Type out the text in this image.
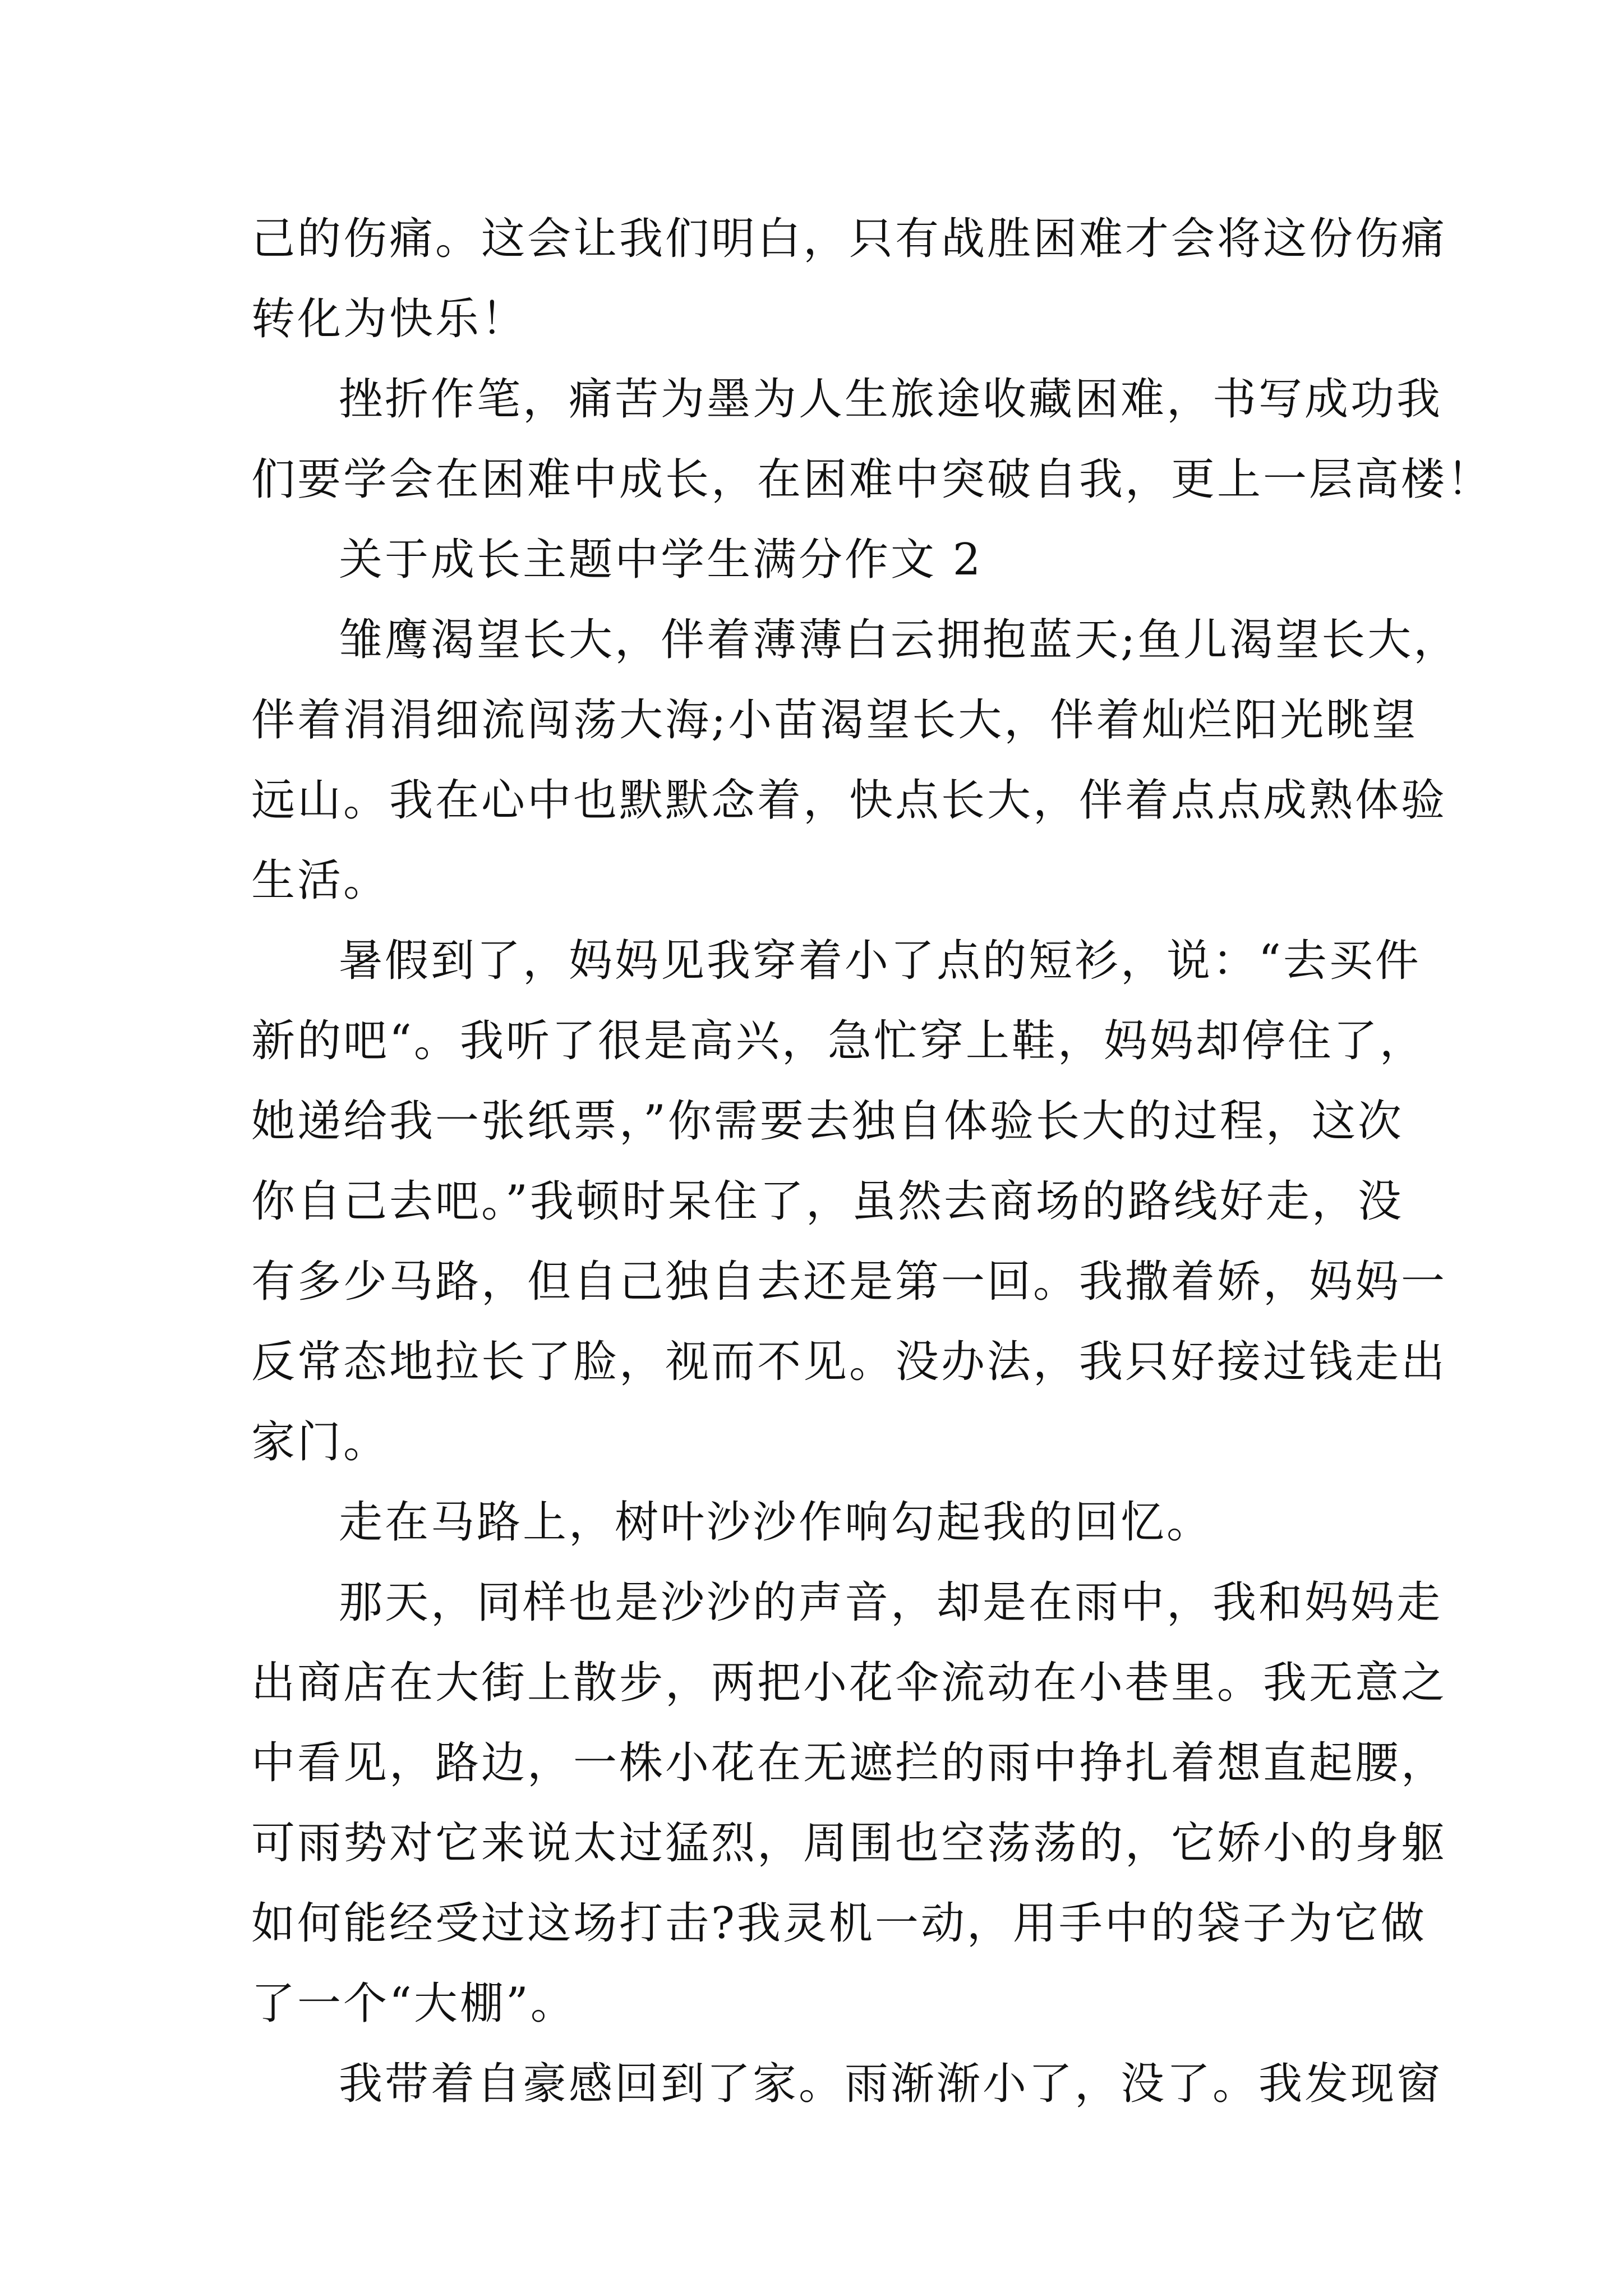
己的伤痛。这会让我们明白，只有战胜困难才会将这份伤痛
转化为快乐！
挫折作笔，痛苦为墨为人生旅途收藏困难，书写成功我
们要学会在困难中成长，在困难中突破自我，更上一层高楼！
关于成长主题中学生满分作文 2
雏鹰渴望长大，伴着薄薄白云拥抱蓝天;鱼儿渴望长大，
伴着涓涓细流闯荡大海;小苗渴望长大，伴着灿烂阳光眺望
远山。我在心中也默默念着，快点长大，伴着点点成熟体验
生活。
暑假到了，妈妈见我穿着小了点的短衫，说：“去买件
新的吧“。我听了很是高兴，急忙穿上鞋，妈妈却停住了，
她递给我一张纸票，”你需要去独自体验长大的过程，这次
你自己去吧。”我顿时呆住了，虽然去商场的路线好走，没
有多少马路，但自己独自去还是第一回。我撒着娇，妈妈一
反常态地拉长了脸，视而不见。没办法，我只好接过钱走出
家门。
走在马路上，树叶沙沙作响勾起我的回忆。
那天，同样也是沙沙的声音，却是在雨中，我和妈妈走
出商店在大街上散步，两把小花伞流动在小巷里。我无意之
中看见，路边，一株小花在无遮拦的雨中挣扎着想直起腰，
可雨势对它来说太过猛烈，周围也空荡荡的，它娇小的身躯
如何能经受过这场打击?我灵机一动，用手中的袋子为它做
了一个“大棚”。
我带着自豪感回到了家。雨渐渐小了，没了。我发现窗
